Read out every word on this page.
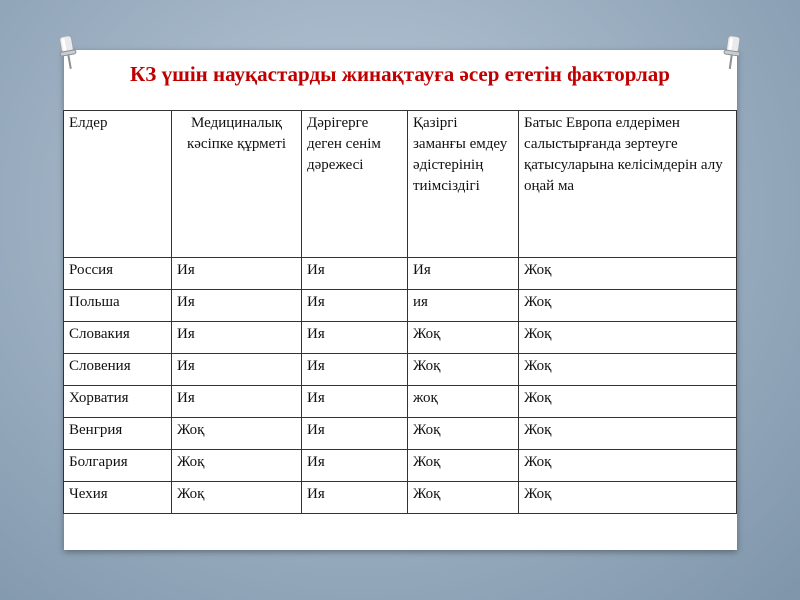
КЗ үшін науқастарды жинақтауға әсер ететін факторлар
Елдер	Медициналық кәсіпке құрметі	Дәрігерге деген сенім дәрежесі	Қазіргі заманғы емдеу әдістерінің тиімсіздігі	Батыс Европа елдерімен салыстырғанда зертеуге қатысуларына келісімдерін алу оңай ма
Россия	Ия	Ия	Ия	Жоқ
Польша	Ия	Ия	ия	Жоқ
Словакия	Ия	Ия	Жоқ	Жоқ
Словения	Ия	Ия	Жоқ	Жоқ
Хорватия	Ия	Ия	жоқ	Жоқ
Венгрия	Жоқ	Ия	Жоқ	Жоқ
Болгария	Жоқ	Ия	Жоқ	Жоқ
Чехия	Жоқ	Ия	Жоқ	Жоқ
